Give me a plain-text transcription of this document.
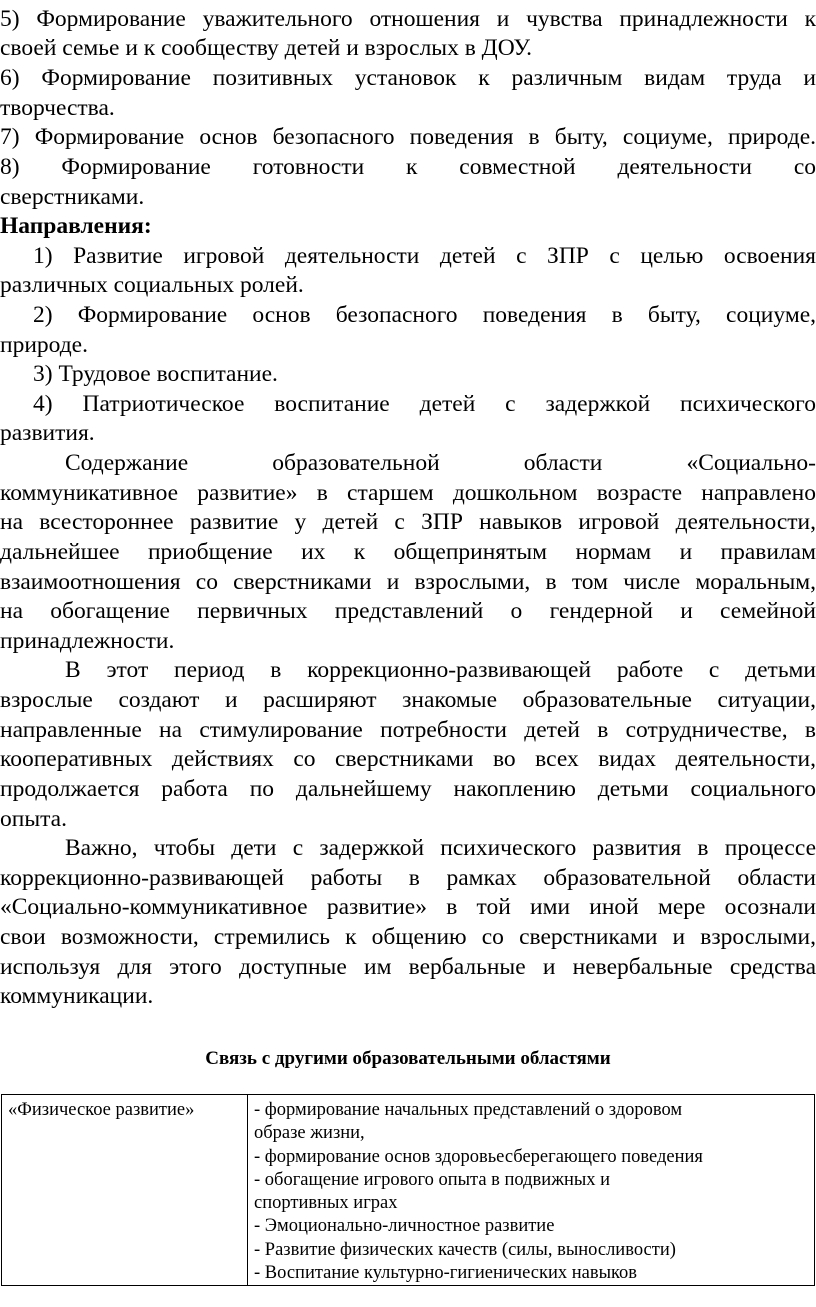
5) Формирование уважительного отношения и чувства принадлежности к
своей семье и к сообществу детей и взрослых в ДОУ.
6) Формирование позитивных установок к различным видам труда и
творчества.
7) Формирование основ безопасного поведения в быту, социуме, природе.
8) Формирование готовности к совместной деятельности со
сверстниками.
Направления:
1) Развитие игровой деятельности детей с ЗПР с целью освоения
различных социальных ролей.
2) Формирование основ безопасного поведения в быту, социуме,
природе.
3) Трудовое воспитание.
4) Патриотическое воспитание детей с задержкой психического
развития.
Содержание образовательной области «Социально-
коммуникативное развитие» в старшем дошкольном возрасте направлено
на всестороннее развитие у детей с ЗПР навыков игровой деятельности,
дальнейшее приобщение их к общепринятым нормам и правилам
взаимоотношения со сверстниками и взрослыми, в том числе моральным,
на обогащение первичных представлений о гендерной и семейной
принадлежности.
В этот период в коррекционно-развивающей работе с детьми
взрослые создают и расширяют знакомые образовательные ситуации,
направленные на стимулирование потребности детей в сотрудничестве, в
кооперативных действиях со сверстниками во всех видах деятельности,
продолжается работа по дальнейшему накоплению детьми социального
опыта.
Важно, чтобы дети с задержкой психического развития в процессе
коррекционно-развивающей работы в рамках образовательной области
«Социально-коммуникативное развитие» в той ими иной мере осознали
свои возможности, стремились к общению со сверстниками и взрослыми,
используя для этого доступные им вербальные и невербальные средства
коммуникации.
Связь с другими образовательными областями
«Физическое развитие»	- формирование начальных представлений о здоровом
образе жизни,
- формирование основ здоровьесберегающего поведения
- обогащение игрового опыта в подвижных и
спортивных играх
- Эмоционально-личностное развитие
- Развитие физических качеств (силы, выносливости)
- Воспитание культурно-гигиенических навыков
